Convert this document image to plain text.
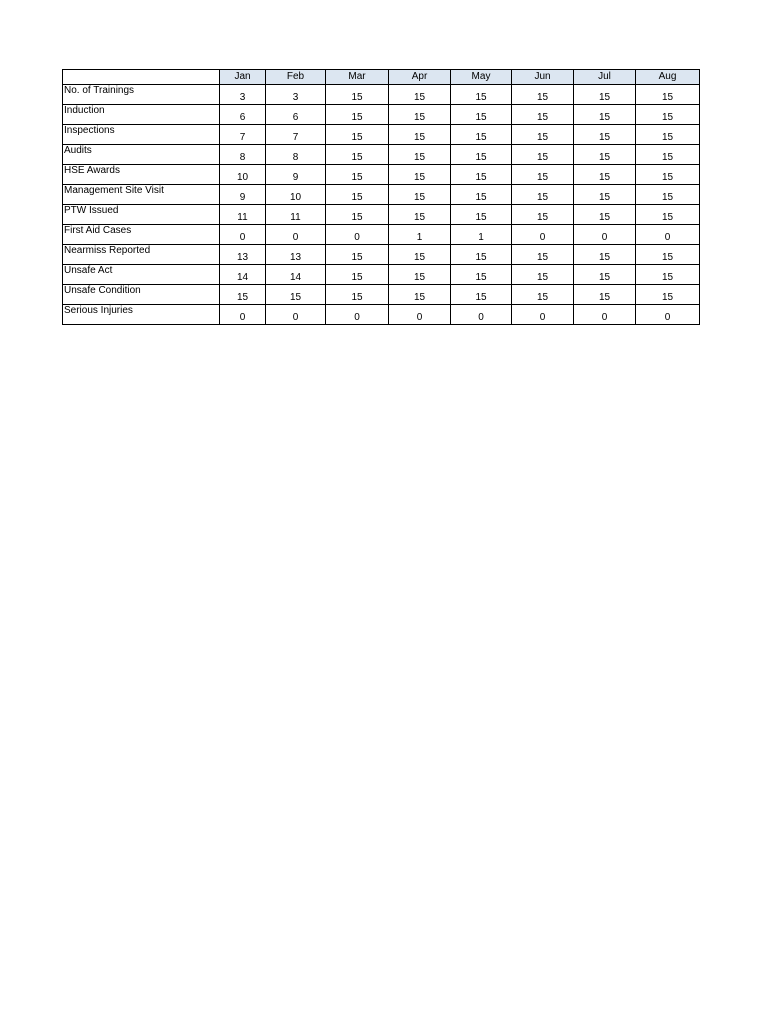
	Jan	Feb	Mar	Apr	May	Jun	Jul	Aug
No. of Trainings	3	3	15	15	15	15	15	15
Induction	6	6	15	15	15	15	15	15
Inspections	7	7	15	15	15	15	15	15
Audits	8	8	15	15	15	15	15	15
HSE Awards	10	9	15	15	15	15	15	15
Management Site Visit	9	10	15	15	15	15	15	15
PTW Issued	11	11	15	15	15	15	15	15
First Aid Cases	0	0	0	1	1	0	0	0
Nearmiss Reported	13	13	15	15	15	15	15	15
Unsafe Act	14	14	15	15	15	15	15	15
Unsafe Condition	15	15	15	15	15	15	15	15
Serious Injuries	0	0	0	0	0	0	0	0
